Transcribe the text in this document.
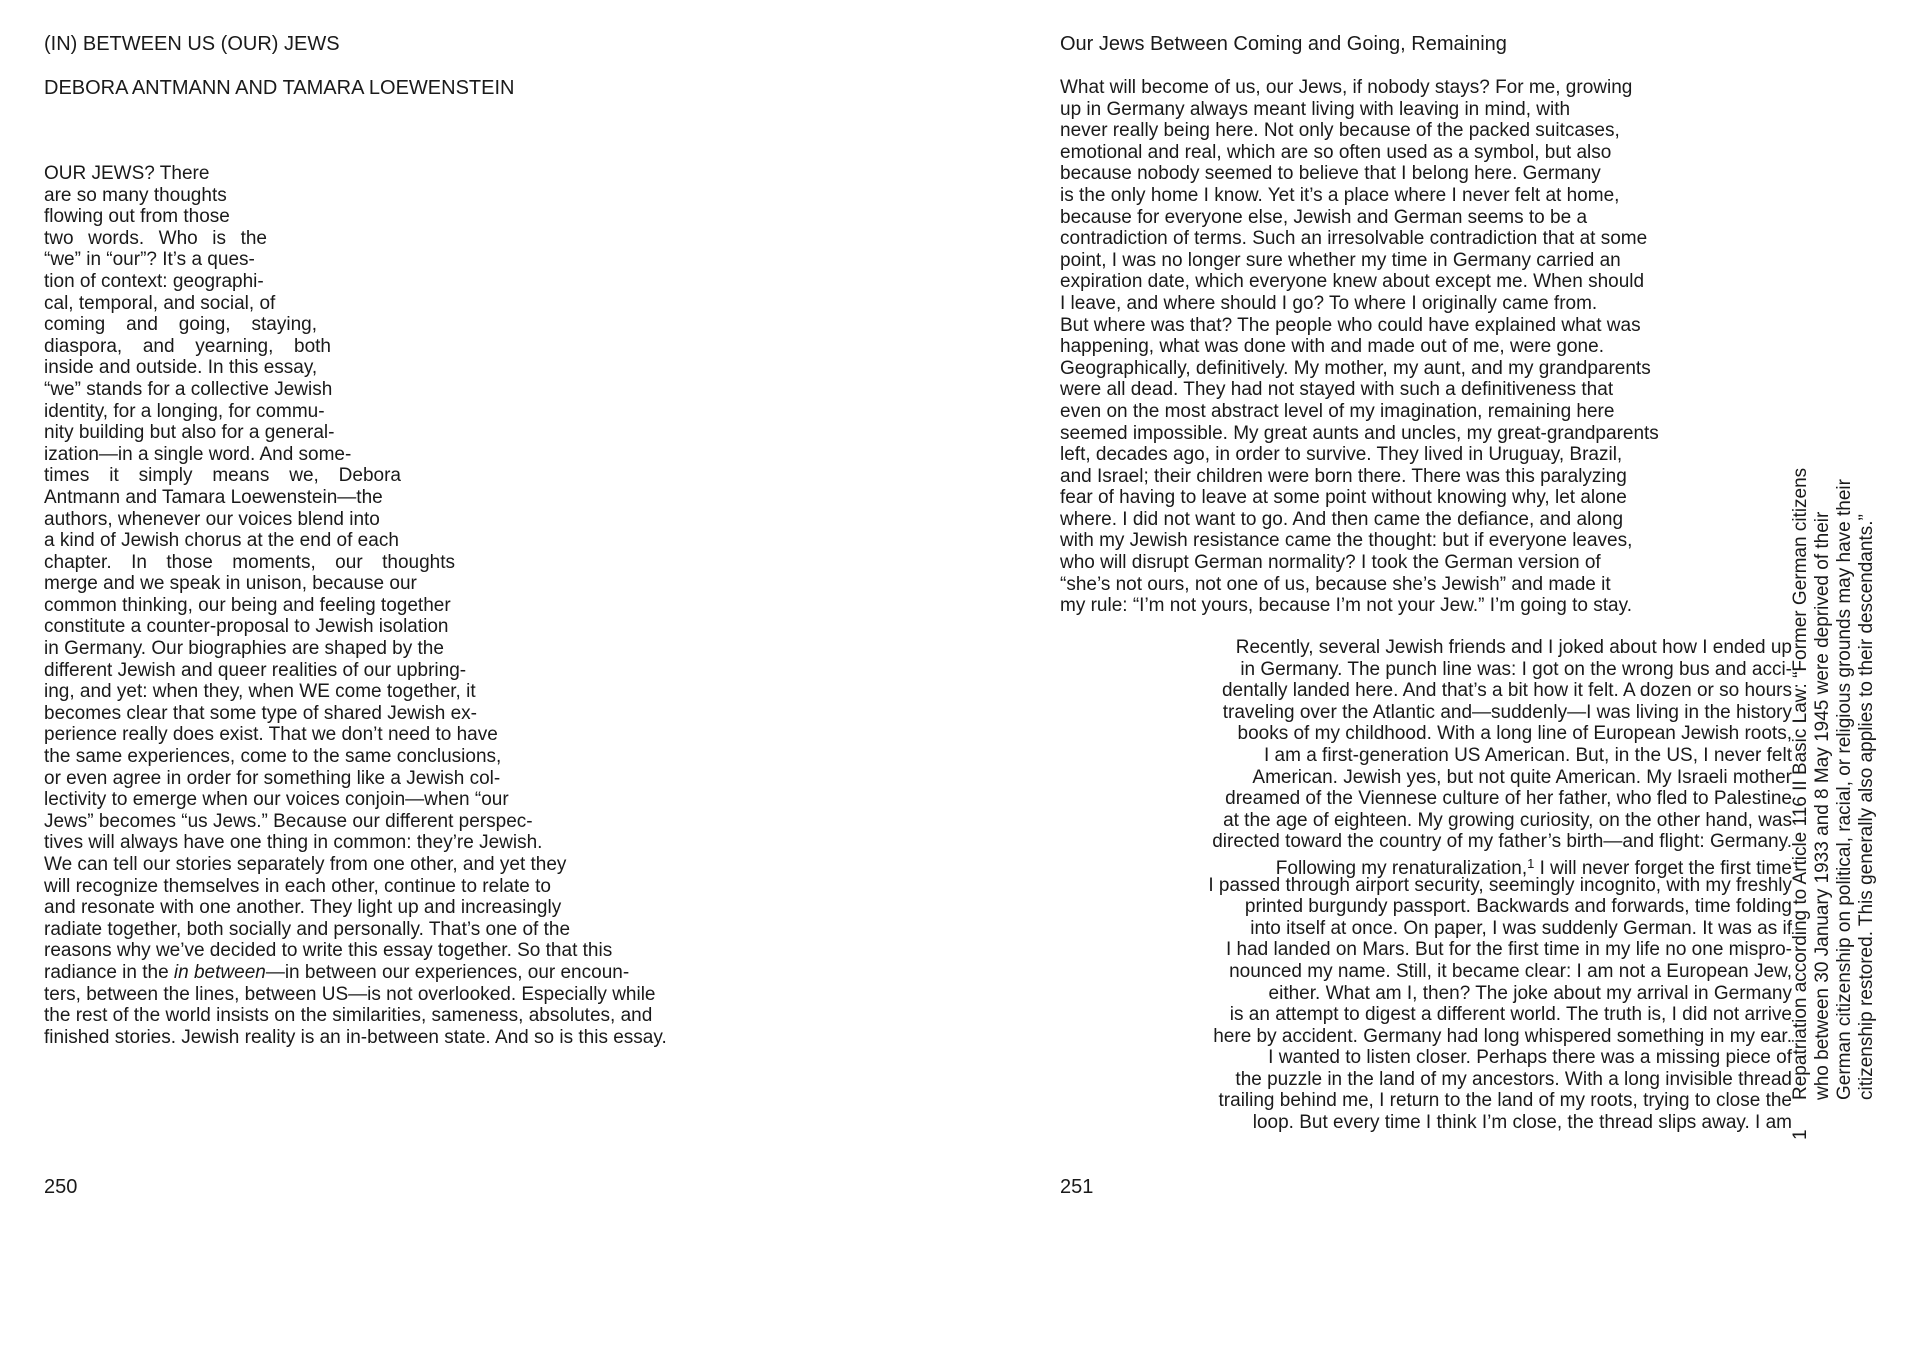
(IN) BETWEEN US (OUR) JEWS
DEBORA ANTMANN AND TAMARA LOEWENSTEIN
OUR JEWS? There
are so many thoughts
flowing out from those
two words. Who is the
“we” in “our”? It’s a ques-
tion of context: geographi-
cal, temporal, and social, of
coming and going, staying,
diaspora, and yearning, both
inside and outside. In this essay,
“we” stands for a collective Jewish
identity, for a longing, for commu-
nity building but also for a general-
ization—in a single word. And some-
times it simply means we, Debora
Antmann and Tamara Loewenstein—the
authors, whenever our voices blend into
a kind of Jewish chorus at the end of each
chapter. In those moments, our thoughts
merge and we speak in unison, because our
common thinking, our being and feeling together
constitute a counter-proposal to Jewish isolation
in Germany. Our biographies are shaped by the
different Jewish and queer realities of our upbring-
ing, and yet: when they, when WE come together, it
becomes clear that some type of shared Jewish ex-
perience really does exist. That we don’t need to have
the same experiences, come to the same conclusions,
or even agree in order for something like a Jewish col-
lectivity to emerge when our voices conjoin—when “our
Jews” becomes “us Jews.” Because our different perspec-
tives will always have one thing in common: they’re Jewish.
We can tell our stories separately from one other, and yet they
will recognize themselves in each other, continue to relate to
and resonate with one another. They light up and increasingly
radiate together, both socially and personally. That’s one of the
reasons why we’ve decided to write this essay together. So that this
radiance in the in between—in between our experiences, our encoun-
ters, between the lines, between US—is not overlooked. Especially while
the rest of the world insists on the similarities, sameness, absolutes, and
finished stories. Jewish reality is an in-between state. And so is this essay.
250
Our Jews Between Coming and Going, Remaining
What will become of us, our Jews, if nobody stays? For me, growing
up in Germany always meant living with leaving in mind, with
never really being here. Not only because of the packed suitcases,
emotional and real, which are so often used as a symbol, but also
because nobody seemed to believe that I belong here. Germany
is the only home I know. Yet it’s a place where I never felt at home,
because for everyone else, Jewish and German seems to be a
contradiction of terms. Such an irresolvable contradiction that at some
point, I was no longer sure whether my time in Germany carried an
expiration date, which everyone knew about except me. When should
I leave, and where should I go? To where I originally came from.
But where was that? The people who could have explained what was
happening, what was done with and made out of me, were gone.
Geographically, definitively. My mother, my aunt, and my grandparents
were all dead. They had not stayed with such a definitiveness that
even on the most abstract level of my imagination, remaining here
seemed impossible. My great aunts and uncles, my great-grandparents
left, decades ago, in order to survive. They lived in Uruguay, Brazil,
and Israel; their children were born there. There was this paralyzing
fear of having to leave at some point without knowing why, let alone
where. I did not want to go. And then came the defiance, and along
with my Jewish resistance came the thought: but if everyone leaves,
who will disrupt German normality? I took the German version of
“she’s not ours, not one of us, because she’s Jewish” and made it
my rule: “I’m not yours, because I’m not your Jew.” I’m going to stay.
Recently, several Jewish friends and I joked about how I ended up
in Germany. The punch line was: I got on the wrong bus and acci-
dentally landed here. And that’s a bit how it felt. A dozen or so hours
traveling over the Atlantic and—suddenly—I was living in the history
books of my childhood. With a long line of European Jewish roots,
I am a first-generation US American. But, in the US, I never felt
American. Jewish yes, but not quite American. My Israeli mother
dreamed of the Viennese culture of her father, who fled to Palestine
at the age of eighteen. My growing curiosity, on the other hand, was
directed toward the country of my father’s birth—and flight: Germany.
Following my renaturalization,$^1$ I will never forget the first time
I passed through airport security, seemingly incognito, with my freshly
printed burgundy passport. Backwards and forwards, time folding
into itself at once. On paper, I was suddenly German. It was as if
I had landed on Mars. But for the first time in my life no one mispro-
nounced my name. Still, it became clear: I am not a European Jew,
either. What am I, then? The joke about my arrival in Germany
is an attempt to digest a different world. The truth is, I did not arrive
here by accident. Germany had long whispered something in my ear.
I wanted to listen closer. Perhaps there was a missing piece of
the puzzle in the land of my ancestors. With a long invisible thread
trailing behind me, I return to the land of my roots, trying to close the
loop. But every time I think I’m close, the thread slips away. I am
251
1
Repatriation according to Article 116 II Basic Law: “Former German citizens who between 30 January 1933 and 8 May 1945 were deprived of their German citizenship on political, racial, or religious grounds may have their citizenship restored. This generally also applies to their descendants.”
